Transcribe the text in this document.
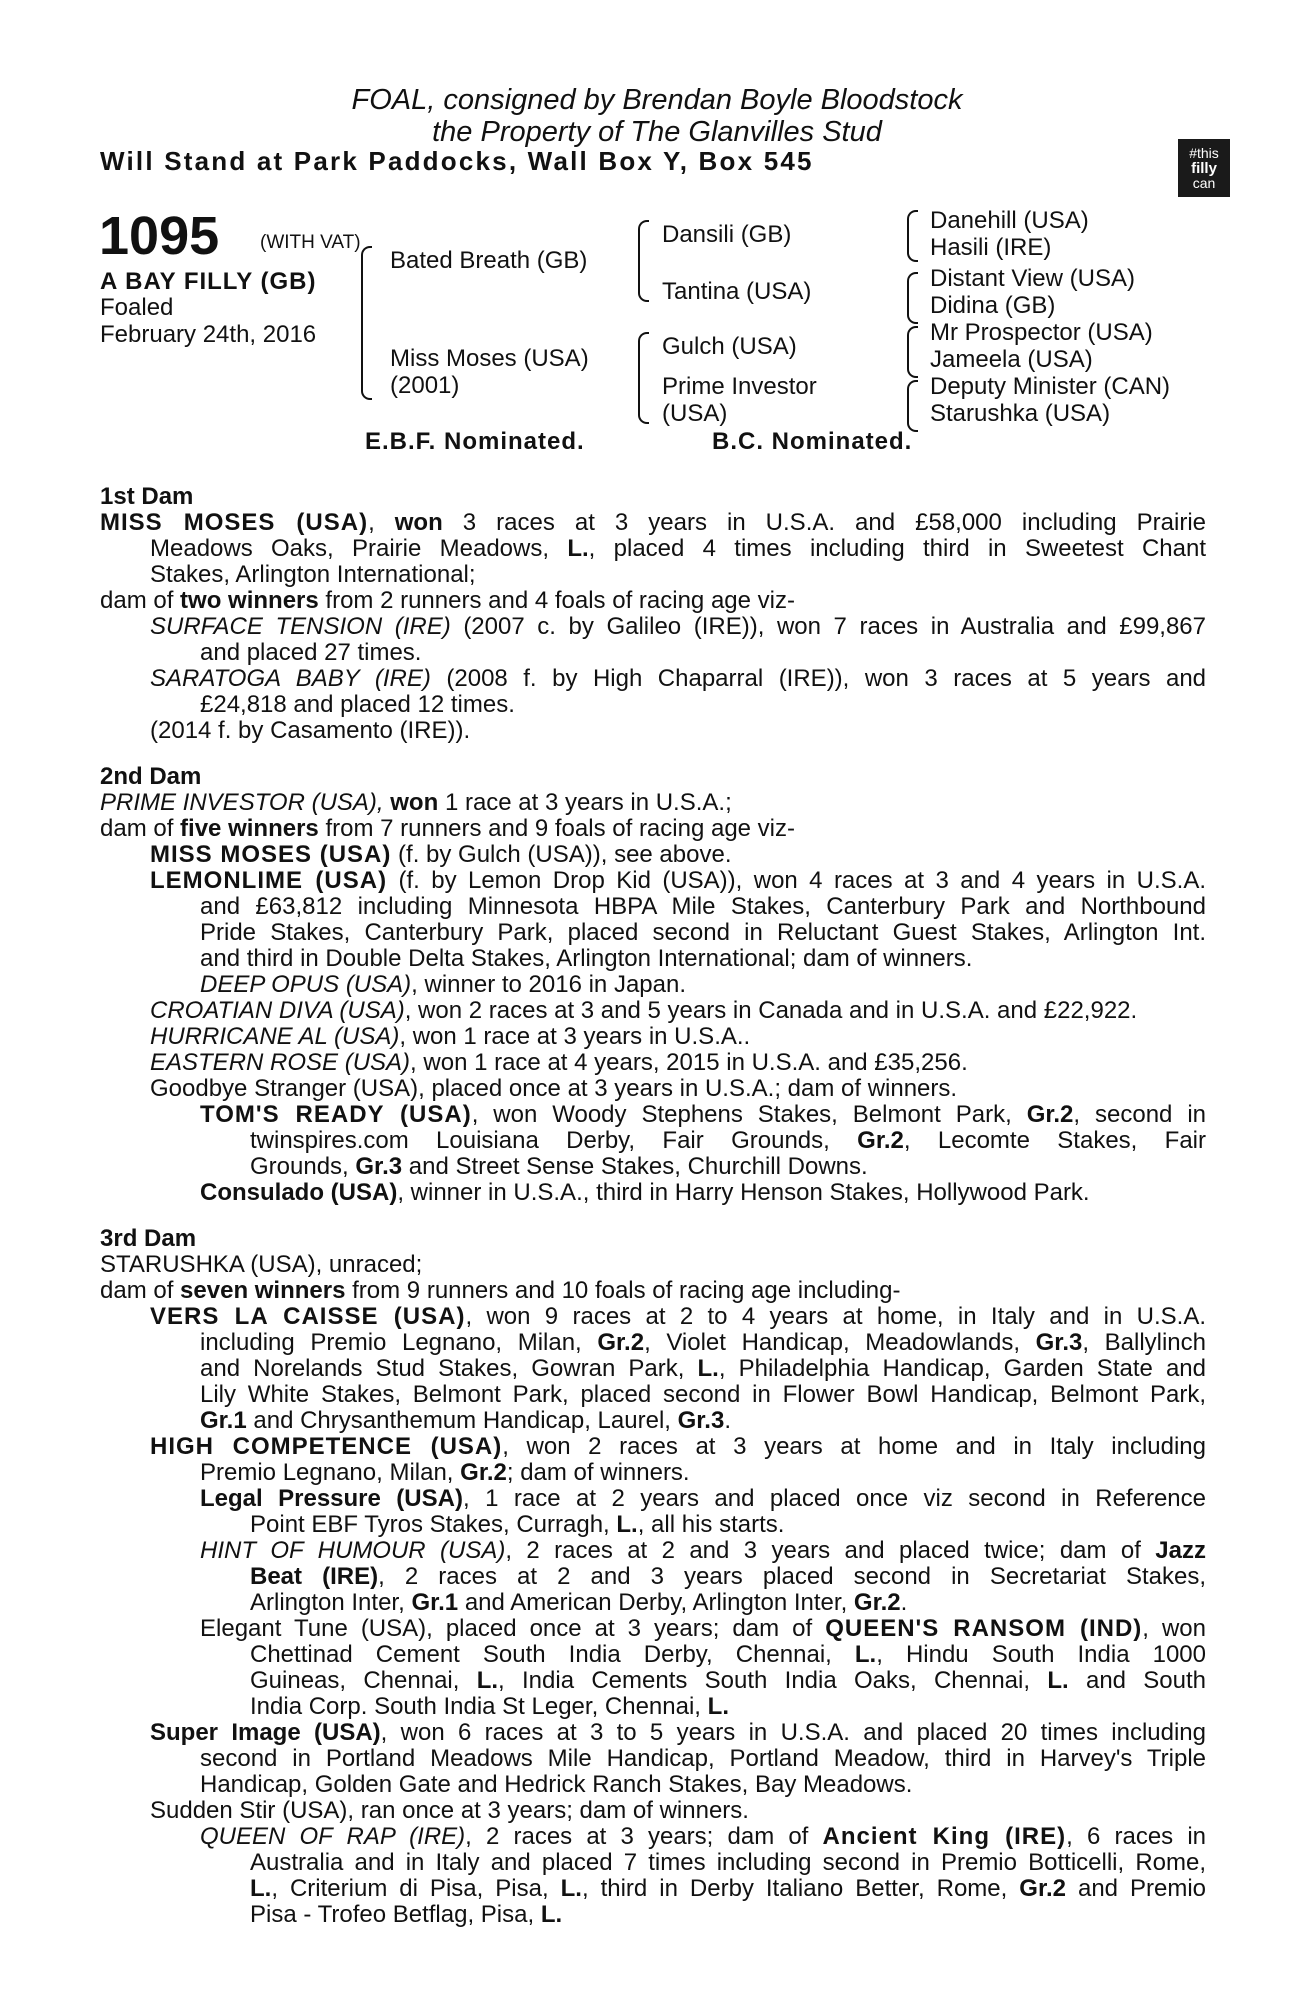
FOAL, consigned by Brendan Boyle Bloodstock
the Property of The Glanvilles Stud
Will Stand at Park Paddocks, Wall Box Y, Box 545	#this
filly
can
1095 (WITH VAT)
A BAY FILLY (GB)
Foaled
February 24th, 2016
Bated Breath (GB)
Miss Moses (USA)
(2001)
Dansili (GB)
Tantina (USA)
Gulch (USA)
Prime Investor
(USA)
Danehill (USA)
Hasili (IRE)
Distant View (USA)
Didina (GB)
Mr Prospector (USA)
Jameela (USA)
Deputy Minister (CAN)
Starushka (USA)
E.B.F. Nominated.	B.C. Nominated.
1st Dam
MISS MOSES (USA), won 3 races at 3 years in U.S.A. and £58,000 including Prairie
Meadows Oaks, Prairie Meadows, L., placed 4 times including third in Sweetest Chant
Stakes, Arlington International;
dam of two winners from 2 runners and 4 foals of racing age viz-
SURFACE TENSION (IRE) (2007 c. by Galileo (IRE)), won 7 races in Australia and £99,867
and placed 27 times.
SARATOGA BABY (IRE) (2008 f. by High Chaparral (IRE)), won 3 races at 5 years and
£24,818 and placed 12 times.
(2014 f. by Casamento (IRE)).
2nd Dam
PRIME INVESTOR (USA), won 1 race at 3 years in U.S.A.;
dam of five winners from 7 runners and 9 foals of racing age viz-
MISS MOSES (USA) (f. by Gulch (USA)), see above.
LEMONLIME (USA) (f. by Lemon Drop Kid (USA)), won 4 races at 3 and 4 years in U.S.A.
and £63,812 including Minnesota HBPA Mile Stakes, Canterbury Park and Northbound
Pride Stakes, Canterbury Park, placed second in Reluctant Guest Stakes, Arlington Int.
and third in Double Delta Stakes, Arlington International; dam of winners.
DEEP OPUS (USA), winner to 2016 in Japan.
CROATIAN DIVA (USA), won 2 races at 3 and 5 years in Canada and in U.S.A. and £22,922.
HURRICANE AL (USA), won 1 race at 3 years in U.S.A..
EASTERN ROSE (USA), won 1 race at 4 years, 2015 in U.S.A. and £35,256.
Goodbye Stranger (USA), placed once at 3 years in U.S.A.; dam of winners.
TOM'S READY (USA), won Woody Stephens Stakes, Belmont Park, Gr.2, second in
twinspires.com Louisiana Derby, Fair Grounds, Gr.2, Lecomte Stakes, Fair
Grounds, Gr.3 and Street Sense Stakes, Churchill Downs.
Consulado (USA), winner in U.S.A., third in Harry Henson Stakes, Hollywood Park.
3rd Dam
STARUSHKA (USA), unraced;
dam of seven winners from 9 runners and 10 foals of racing age including-
VERS LA CAISSE (USA), won 9 races at 2 to 4 years at home, in Italy and in U.S.A.
including Premio Legnano, Milan, Gr.2, Violet Handicap, Meadowlands, Gr.3, Ballylinch
and Norelands Stud Stakes, Gowran Park, L., Philadelphia Handicap, Garden State and
Lily White Stakes, Belmont Park, placed second in Flower Bowl Handicap, Belmont Park,
Gr.1 and Chrysanthemum Handicap, Laurel, Gr.3.
HIGH COMPETENCE (USA), won 2 races at 3 years at home and in Italy including
Premio Legnano, Milan, Gr.2; dam of winners.
Legal Pressure (USA), 1 race at 2 years and placed once viz second in Reference
Point EBF Tyros Stakes, Curragh, L., all his starts.
HINT OF HUMOUR (USA), 2 races at 2 and 3 years and placed twice; dam of Jazz
Beat (IRE), 2 races at 2 and 3 years placed second in Secretariat Stakes,
Arlington Inter, Gr.1 and American Derby, Arlington Inter, Gr.2.
Elegant Tune (USA), placed once at 3 years; dam of QUEEN'S RANSOM (IND), won
Chettinad Cement South India Derby, Chennai, L., Hindu South India 1000
Guineas, Chennai, L., India Cements South India Oaks, Chennai, L. and South
India Corp. South India St Leger, Chennai, L.
Super Image (USA), won 6 races at 3 to 5 years in U.S.A. and placed 20 times including
second in Portland Meadows Mile Handicap, Portland Meadow, third in Harvey's Triple
Handicap, Golden Gate and Hedrick Ranch Stakes, Bay Meadows.
Sudden Stir (USA), ran once at 3 years; dam of winners.
QUEEN OF RAP (IRE), 2 races at 3 years; dam of Ancient King (IRE), 6 races in
Australia and in Italy and placed 7 times including second in Premio Botticelli, Rome,
L., Criterium di Pisa, Pisa, L., third in Derby Italiano Better, Rome, Gr.2 and Premio
Pisa - Trofeo Betflag, Pisa, L.
